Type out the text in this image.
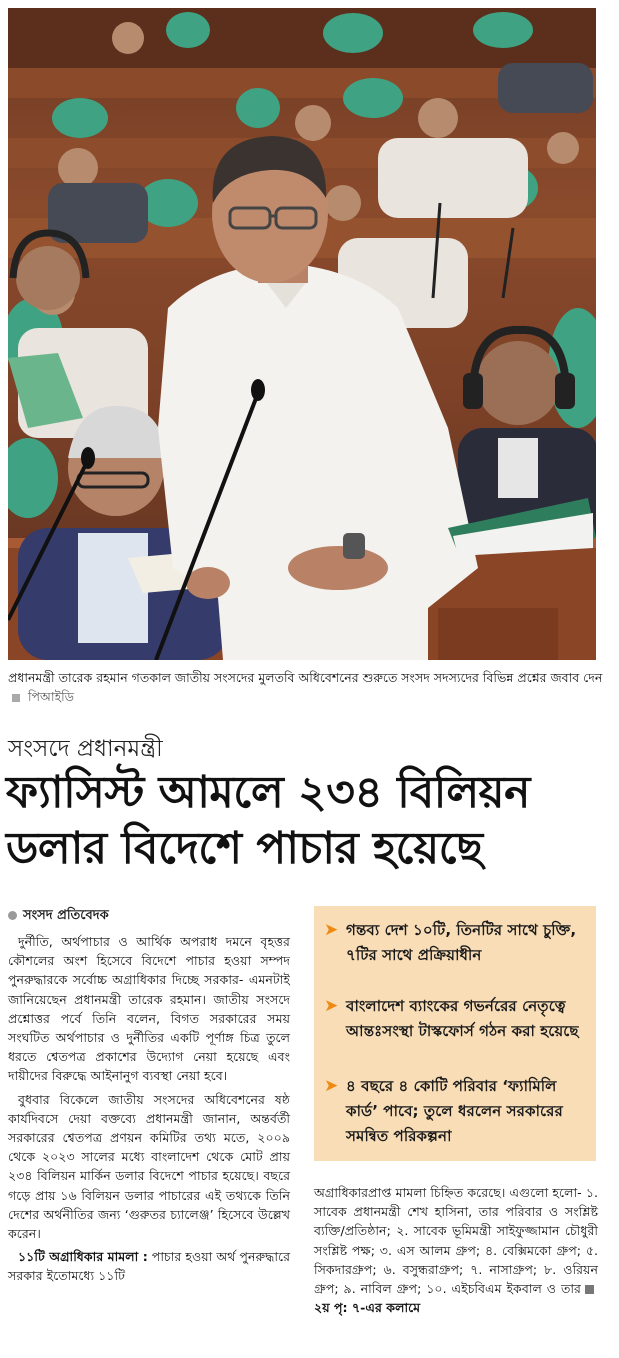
প্রধানমন্ত্রী তারেক রহমান গতকাল জাতীয় সংসদের মুলতবি অধিবেশনের শুরুতে সংসদ সদস্যদের বিভিন্ন প্রশ্নের জবাব দেন  পিআইডি
সংসদে প্রধানমন্ত্রী
ফ্যাসিস্ট আমলে ২৩৪ বিলিয়ন
ডলার বিদেশে পাচার হয়েছে
সংসদ প্রতিবেদক

দুর্নীতি, অর্থপাচার ও আর্থিক অপরাধ দমনে বৃহত্তর কৌশলের অংশ হিসেবে বিদেশে পাচার হওয়া সম্পদ পুনরুদ্ধারকে সর্বোচ্চ অগ্রাধিকার দিচ্ছে সরকার- এমনটাই জানিয়েছেন প্রধানমন্ত্রী তারেক রহমান। জাতীয় সংসদে প্রশ্নোত্তর পর্বে তিনি বলেন, বিগত সরকারের সময় সংঘটিত অর্থপাচার ও দুর্নীতির একটি পূর্ণাঙ্গ চিত্র তুলে ধরতে শ্বেতপত্র প্রকাশের উদ্যোগ নেয়া হয়েছে এবং দায়ীদের বিরুদ্ধে আইনানুগ ব্যবস্থা নেয়া হবে।

বুধবার বিকেলে জাতীয় সংসদের অধিবেশনের ষষ্ঠ কার্যদিবসে দেয়া বক্তব্যে প্রধানমন্ত্রী জানান, অন্তর্বর্তী সরকারের শ্বেতপত্র প্রণয়ন কমিটির তথ্য মতে, ২০০৯ থেকে ২০২৩ সালের মধ্যে বাংলাদেশ থেকে মোট প্রায় ২৩৪ বিলিয়ন মার্কিন ডলার বিদেশে পাচার হয়েছে। বছরে গড়ে প্রায় ১৬ বিলিয়ন ডলার পাচারের এই তথ্যকে তিনি দেশের অর্থনীতির জন্য ‘গুরুতর চ্যালেঞ্জ’ হিসেবে উল্লেখ করেন।

১১টি অগ্রাধিকার মামলা : পাচার হওয়া অর্থ পুনরুদ্ধারে সরকার ইতোমধ্যে ১১টি

➤ গন্তব্য দেশ ১০টি, তিনটির সাথে চুক্তি, ৭টির সাথে প্রক্রিয়াধীন
➤ বাংলাদেশ ব্যাংকের গভর্নরের নেতৃত্বে আন্তঃসংস্থা টাস্কফোর্স গঠন করা হয়েছে
➤ ৪ বছরে ৪ কোটি পরিবার ‘ফ্যামিলি কার্ড’ পাবে; তুলে ধরলেন সরকারের সমন্বিত পরিকল্পনা
অগ্রাধিকারপ্রাপ্ত মামলা চিহ্নিত করেছে। এগুলো হলো- ১. সাবেক প্রধানমন্ত্রী শেখ হাসিনা, তার পরিবার ও সংশ্লিষ্ট ব্যক্তি/প্রতিষ্ঠান; ২. সাবেক ভূমিমন্ত্রী সাইফুজ্জামান চৌধুরী সংশ্লিষ্ট পক্ষ; ৩. এস আলম গ্রুপ; ৪. বেক্সিমকো গ্রুপ; ৫. সিকদারগ্রুপ; ৬. বসুন্ধরাগ্রুপ; ৭. নাসাগ্রুপ; ৮. ওরিয়ন গ্রুপ; ৯. নাবিল গ্রুপ; ১০. এইচবিএম ইকবাল ও তার২য় পৃ: ৭-এর কলামে
